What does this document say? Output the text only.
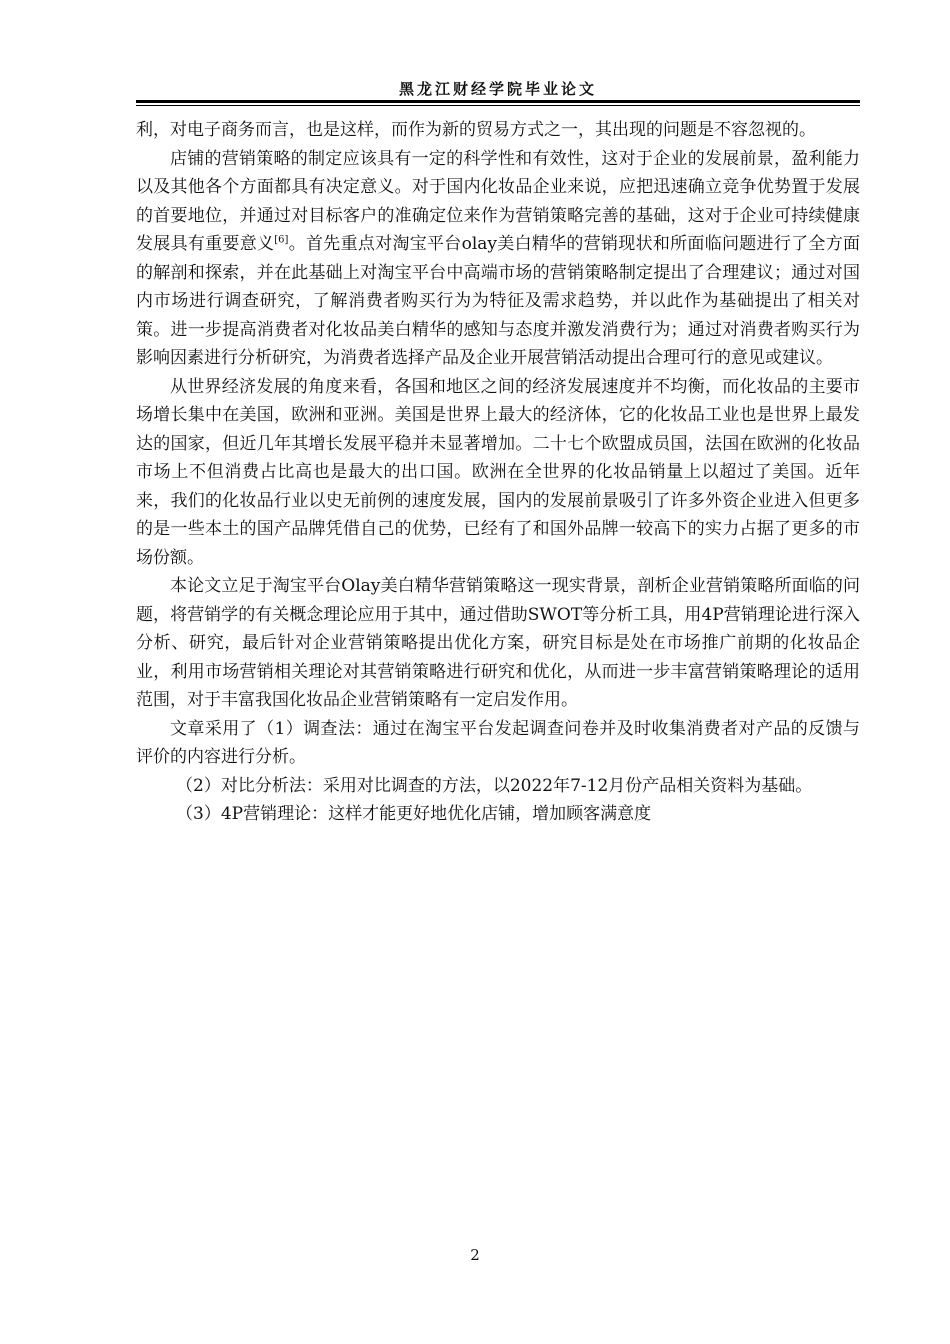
黑龙江财经学院毕业论文

利，对电子商务而言，也是这样，而作为新的贸易方式之一，其出现的问题是不容忽视的。

店铺的营销策略的制定应该具有一定的科学性和有效性，这对于企业的发展前景，盈利能力以及其他各个方面都具有决定意义。对于国内化妆品企业来说，应把迅速确立竞争优势置于发展的首要地位，并通过对目标客户的准确定位来作为营销策略完善的基础，这对于企业可持续健康发展具有重要意义[6]。首先重点对淘宝平台olay美白精华的营销现状和所面临问题进行了全方面的解剖和探索，并在此基础上对淘宝平台中高端市场的营销策略制定提出了合理建议；通过对国内市场进行调查研究，了解消费者购买行为为特征及需求趋势，并以此作为基础提出了相关对策。进一步提高消费者对化妆品美白精华的感知与态度并激发消费行为；通过对消费者购买行为影响因素进行分析研究，为消费者选择产品及企业开展营销活动提出合理可行的意见或建议。

从世界经济发展的角度来看，各国和地区之间的经济发展速度并不均衡，而化妆品的主要市场增长集中在美国，欧洲和亚洲。美国是世界上最大的经济体，它的化妆品工业也是世界上最发达的国家，但近几年其增长发展平稳并未显著增加。二十七个欧盟成员国，法国在欧洲的化妆品市场上不但消费占比高也是最大的出口国。欧洲在全世界的化妆品销量上以超过了美国。近年来，我们的化妆品行业以史无前例的速度发展，国内的发展前景吸引了许多外资企业进入但更多的是一些本土的国产品牌凭借自己的优势，已经有了和国外品牌一较高下的实力占据了更多的市场份额。

本论文立足于淘宝平台Olay美白精华营销策略这一现实背景，剖析企业营销策略所面临的问题，将营销学的有关概念理论应用于其中，通过借助SWOT等分析工具，用4P营销理论进行深入分析、研究，最后针对企业营销策略提出优化方案，研究目标是处在市场推广前期的化妆品企业，利用市场营销相关理论对其营销策略进行研究和优化，从而进一步丰富营销策略理论的适用范围，对于丰富我国化妆品企业营销策略有一定启发作用。

文章采用了（1）调查法：通过在淘宝平台发起调查问卷并及时收集消费者对产品的反馈与评价的内容进行分析。

（2）对比分析法：采用对比调查的方法，以2022年7-12月份产品相关资料为基础。

（3）4P营销理论：这样才能更好地优化店铺，增加顾客满意度

2
